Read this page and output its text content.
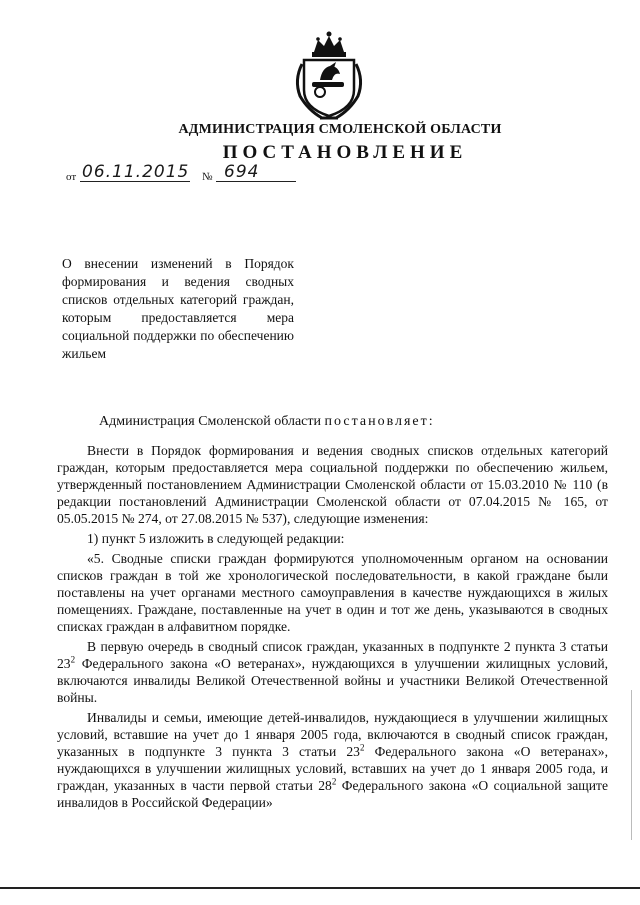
АДМИНИСТРАЦИЯ СМОЛЕНСКОЙ ОБЛАСТИ
ПОСТАНОВЛЕНИЕ
от 06.11.2015 № 694
О внесении изменений в Порядок формирования и ведения сводных списков отдельных категорий граждан, которым предоставляется мера социальной поддержки по обеспечению жильем
Администрация Смоленской области постановляет:

Внести в Порядок формирования и ведения сводных списков отдельных категорий граждан, которым предоставляется мера социальной поддержки по обеспечению жильем, утвержденный постановлением Администрации Смоленской области от 15.03.2010 № 110 (в редакции постановлений Администрации Смоленской области от 07.04.2015 № 165, от 05.05.2015 № 274, от 27.08.2015 № 537), следующие изменения:

1) пункт 5 изложить в следующей редакции:

«5. Сводные списки граждан формируются уполномоченным органом на основании списков граждан в той же хронологической последовательности, в какой граждане были поставлены на учет органами местного самоуправления в качестве нуждающихся в жилых помещениях. Граждане, поставленные на учет в один и тот же день, указываются в сводных списках граждан в алфавитном порядке.

В первую очередь в сводный список граждан, указанных в подпункте 2 пункта 3 статьи $23^2$ Федерального закона «О ветеранах», нуждающихся в улучшении жилищных условий, включаются инвалиды Великой Отечественной войны и участники Великой Отечественной войны.

Инвалиды и семьи, имеющие детей-инвалидов, нуждающиеся в улучшении жилищных условий, вставшие на учет до 1 января 2005 года, включаются в сводный список граждан, указанных в подпункте 3 пункта 3 статьи $23^2$ Федерального закона «О ветеранах», нуждающихся в улучшении жилищных условий, вставших на учет до 1 января 2005 года, и граждан, указанных в части первой статьи $28^2$ Федерального закона «О социальной защите инвалидов в Российской Федерации»
